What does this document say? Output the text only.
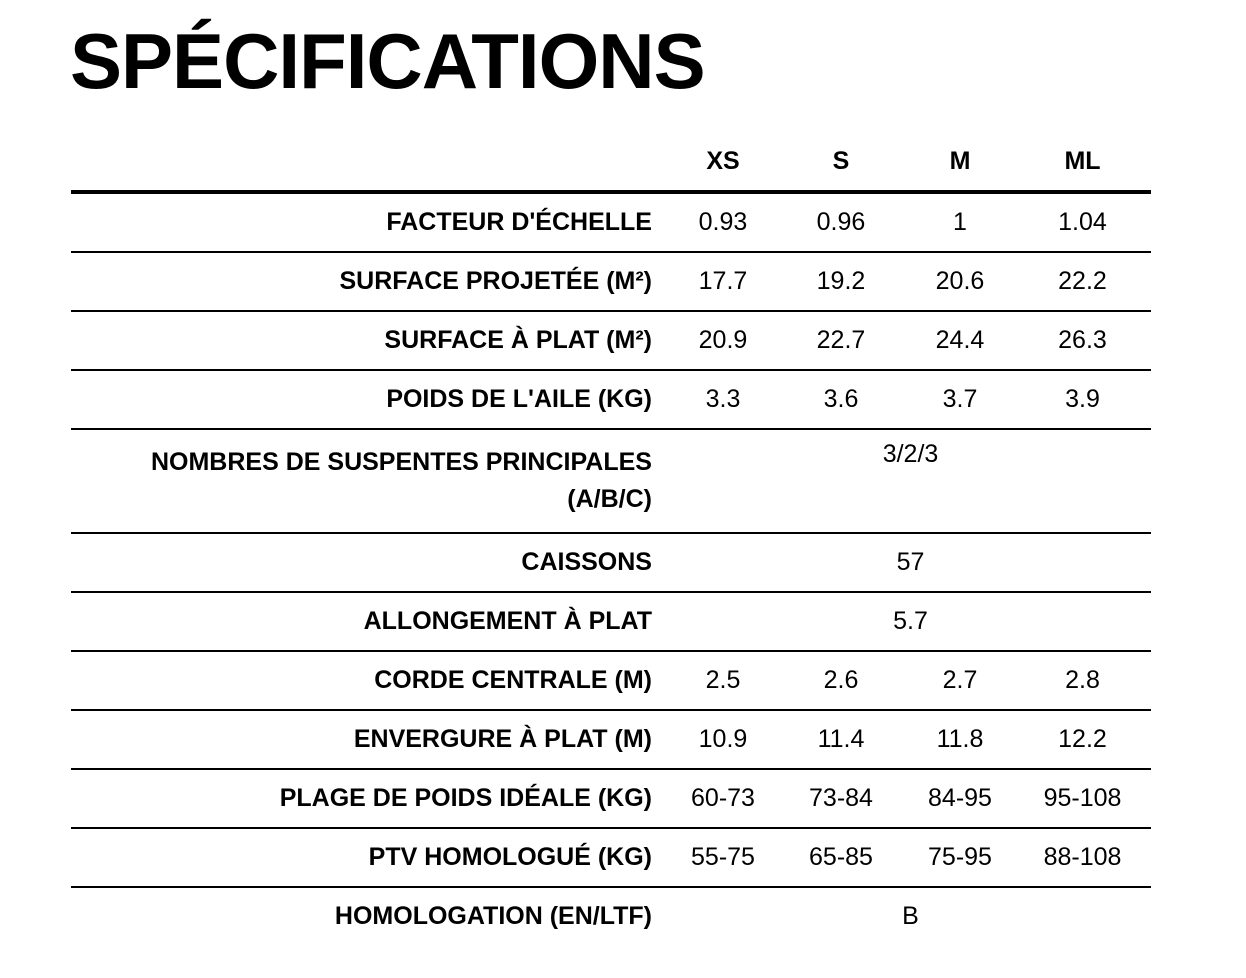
SPÉCIFICATIONS
	XS	S	M	ML
FACTEUR D'ÉCHELLE	0.93	0.96	1	1.04
SURFACE PROJETÉE (M²)	17.7	19.2	20.6	22.2
SURFACE À PLAT (M²)	20.9	22.7	24.4	26.3
POIDS DE L'AILE (KG)	3.3	3.6	3.7	3.9
NOMBRES DE SUSPENTES PRINCIPALES (A/B/C)	3/2/3			
CAISSONS	57			
ALLONGEMENT À PLAT	5.7			
CORDE CENTRALE (M)	2.5	2.6	2.7	2.8
ENVERGURE À PLAT (M)	10.9	11.4	11.8	12.2
PLAGE DE POIDS IDÉALE (KG)	60-73	73-84	84-95	95-108
PTV HOMOLOGUÉ (KG)	55-75	65-85	75-95	88-108
HOMOLOGATION (EN/LTF)	B			
